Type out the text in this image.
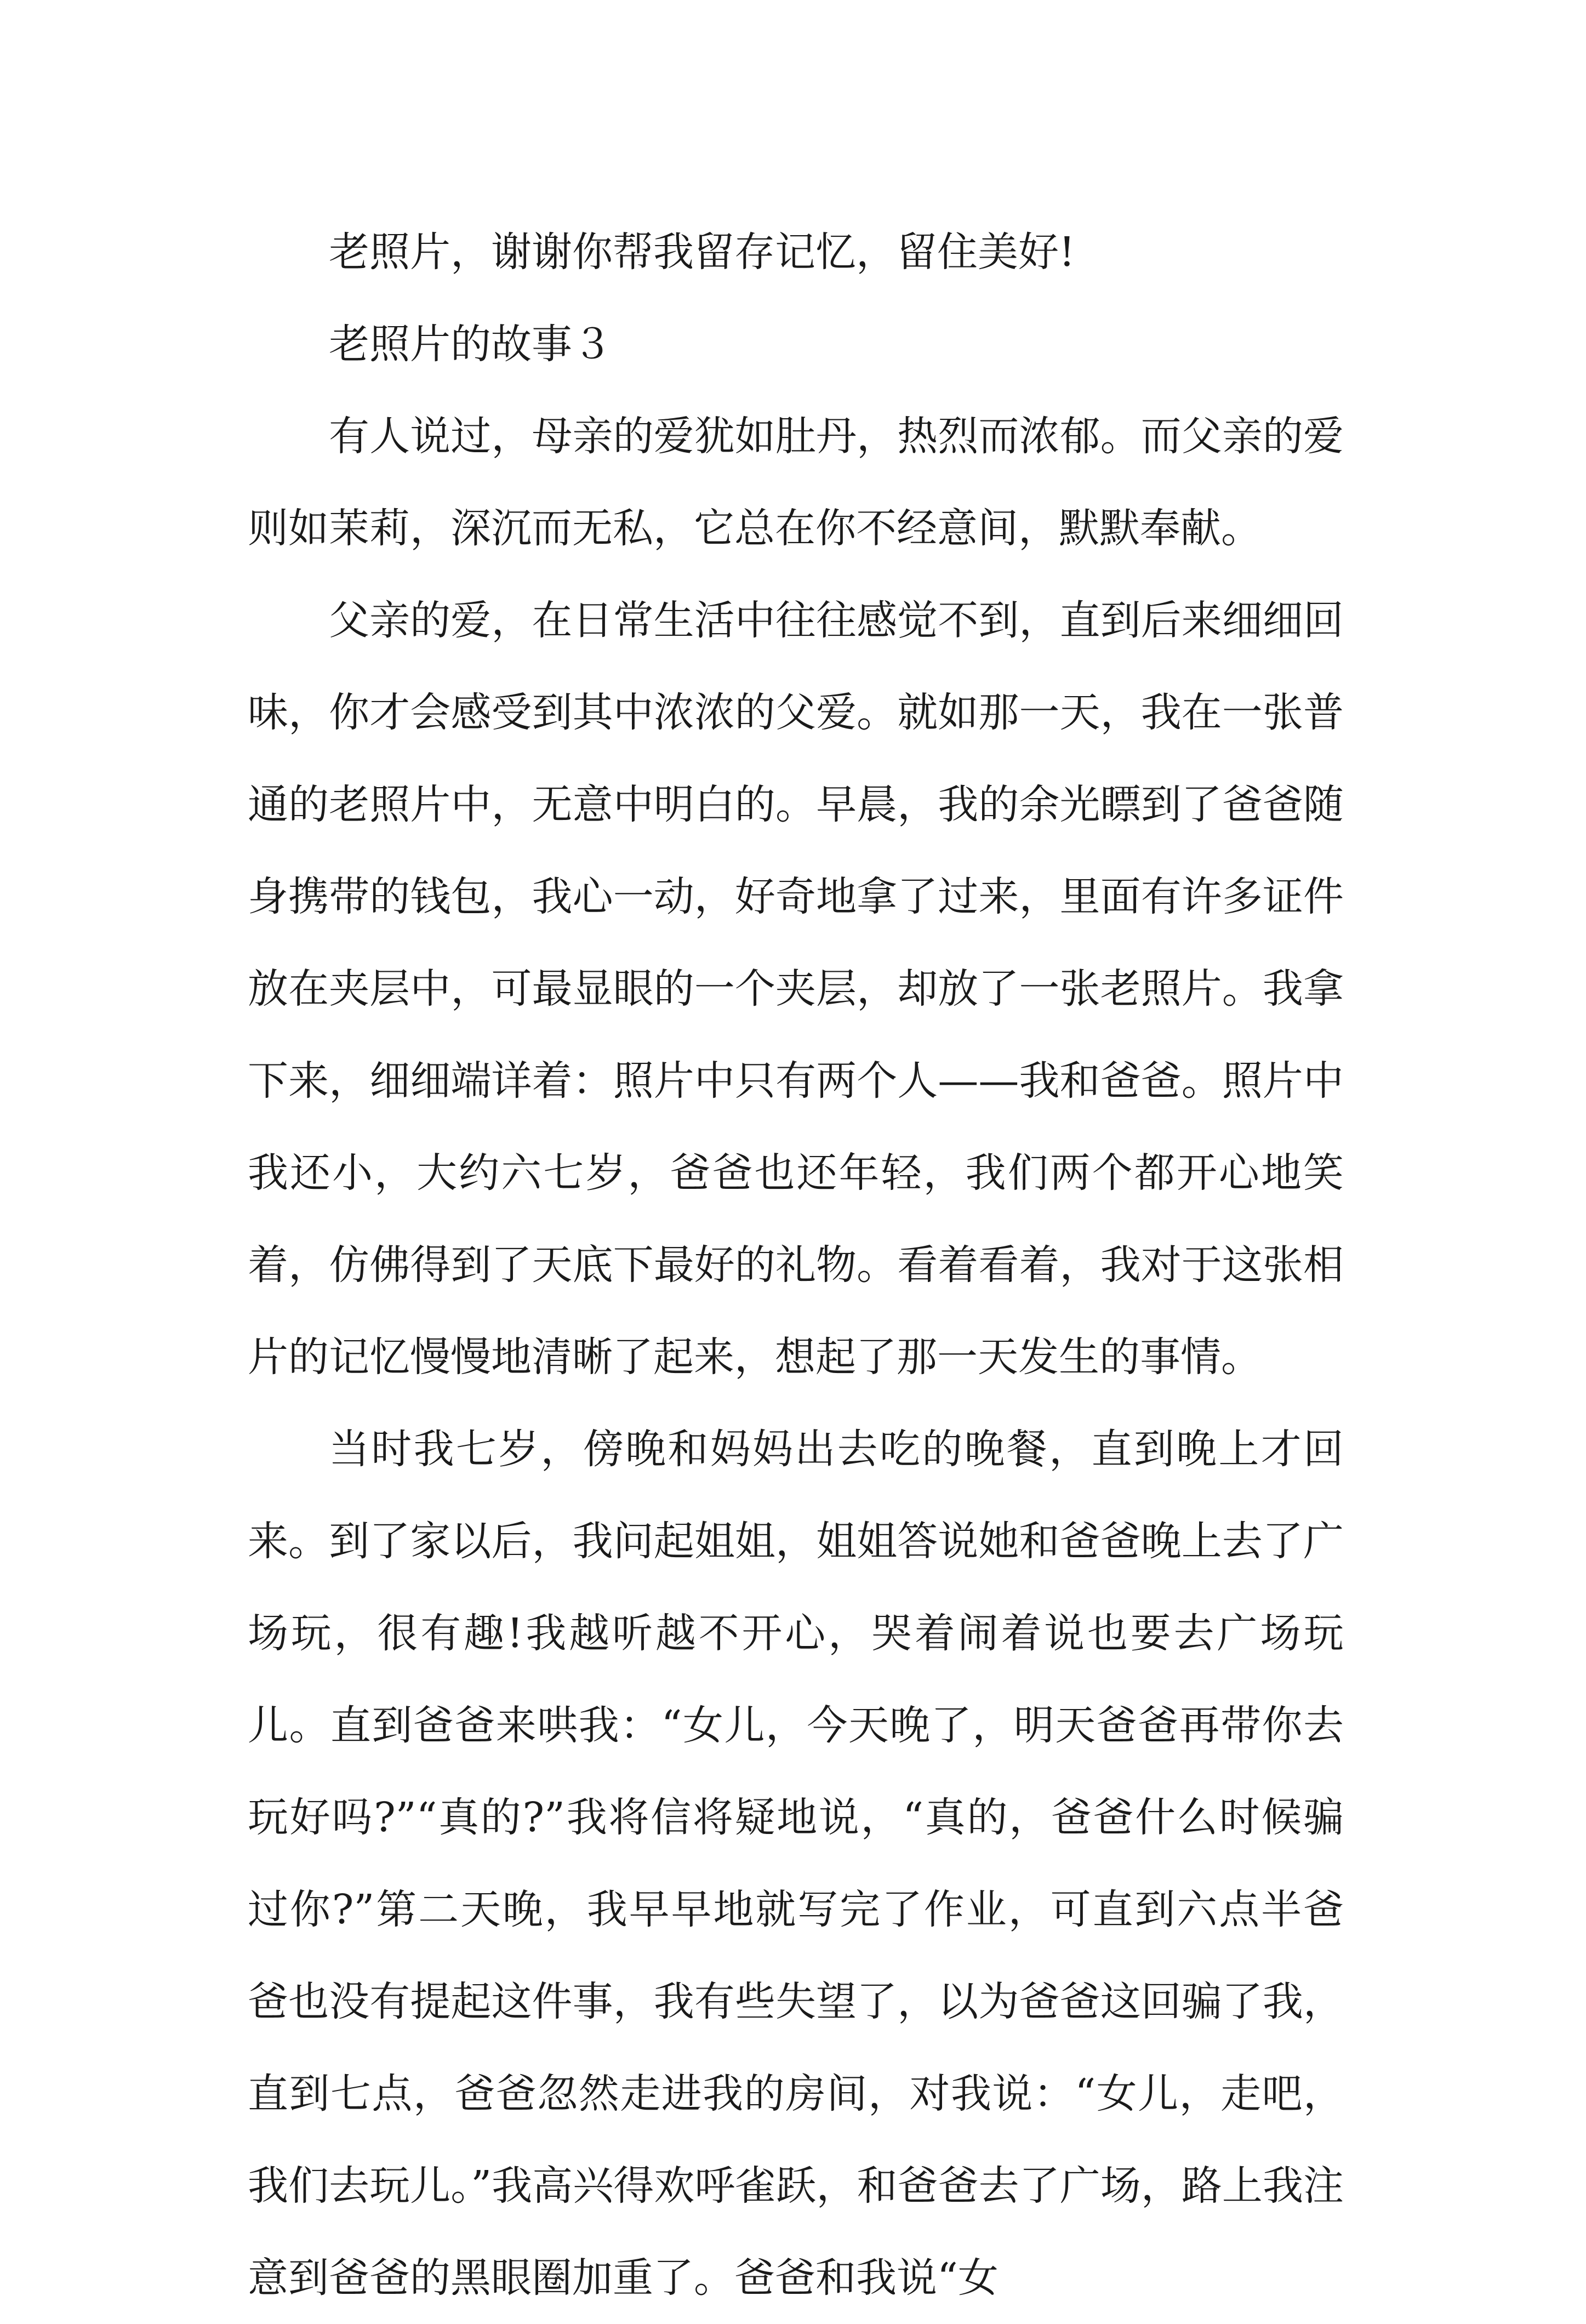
老照片，谢谢你帮我留存记忆，留住美好!

老照片的故事３

有人说过，母亲的爱犹如肚丹，热烈而浓郁。而父亲的爱则如茉莉，深沉而无私，它总在你不经意间，默默奉献。

父亲的爱，在日常生活中往往感觉不到，直到后来细细回味，你才会感受到其中浓浓的父爱。就如那一天，我在一张普通的老照片中，无意中明白的。早晨，我的余光瞟到了爸爸随身携带的钱包，我心一动，好奇地拿了过来，里面有许多证件放在夹层中，可最显眼的一个夹层，却放了一张老照片。我拿下来，细细端详着：照片中只有两个人——我和爸爸。照片中我还小，大约六七岁，爸爸也还年轻，我们两个都开心地笑着，仿佛得到了天底下最好的礼物。看着看着，我对于这张相片的记忆慢慢地清晰了起来，想起了那一天发生的事情。

当时我七岁，傍晚和妈妈出去吃的晚餐，直到晚上才回来。到了家以后，我问起姐姐，姐姐答说她和爸爸晚上去了广场玩，很有趣!我越听越不开心，哭着闹着说也要去广场玩儿。直到爸爸来哄我：“女儿，今天晚了，明天爸爸再带你去玩好吗?”“真的?”我将信将疑地说，“真的，爸爸什么时候骗过你?”第二天晚，我早早地就写完了作业，可直到六点半爸爸也没有提起这件事，我有些失望了，以为爸爸这回骗了我，直到七点，爸爸忽然走进我的房间，对我说：“女儿，走吧，我们去玩儿。”我高兴得欢呼雀跃，和爸爸去了广场，路上我注意到爸爸的黑眼圈加重了。爸爸和我说“女
